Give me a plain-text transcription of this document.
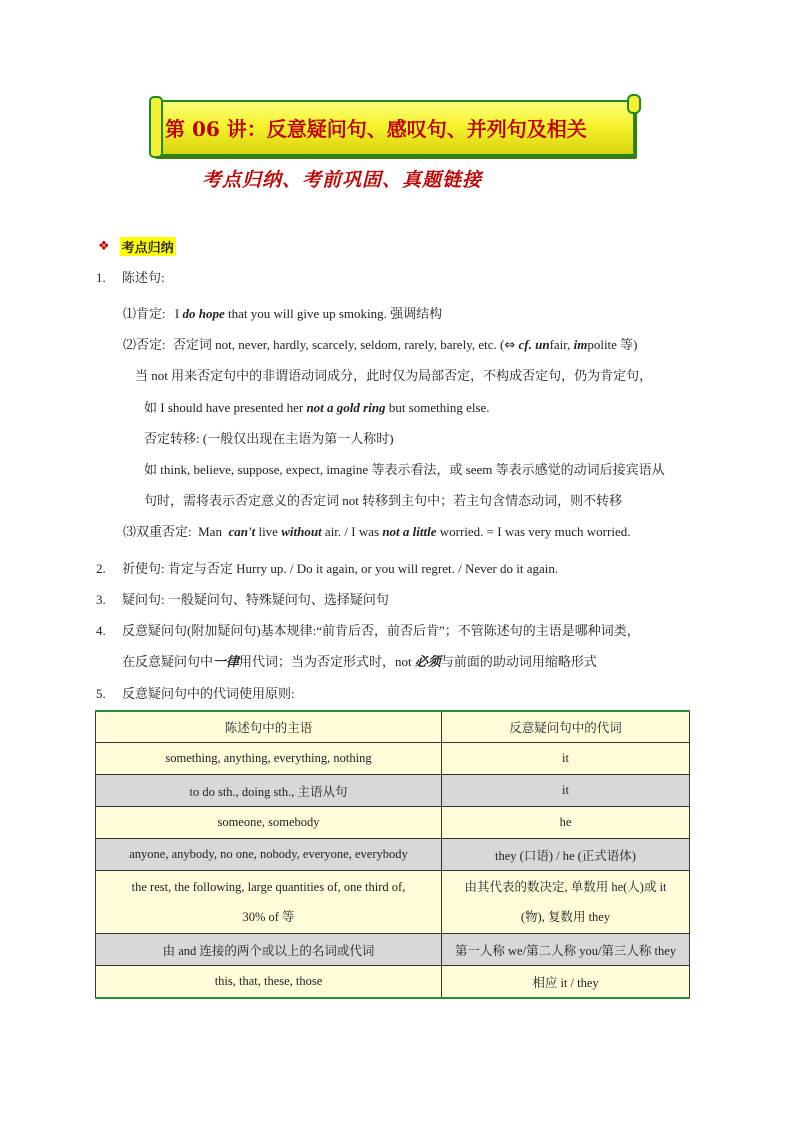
第 06 讲：反意疑问句、感叹句、并列句及相关
考点归纳、考前巩固、真题链接
❖ 考点归纳
1. 陈述句:
⑴肯定: I do hope that you will give up smoking. 强调结构
⑵否定: 否定词 not, never, hardly, scarcely, seldom, rarely, barely, etc. (⇔ cf. unfair, impolite 等)
当 not 用来否定句中的非谓语动词成分，此时仅为局部否定，不构成否定句，仍为肯定句，
如 I should have presented her not a gold ring but something else.
否定转移: (一般仅出现在主语为第一人称时)
如 think, believe, suppose, expect, imagine 等表示看法，或 seem 等表示感觉的动词后接宾语从
句时，需将表示否定意义的否定词 not 转移到主句中；若主句含情态动词，则不转移
⑶双重否定:  Man  can't live without air. / I was not a little worried. = I was very much worried.
2. 祈使句: 肯定与否定 Hurry up. / Do it again, or you will regret. / Never do it again.
3. 疑问句: 一般疑问句、特殊疑问句、选择疑问句
4. 反意疑问句(附加疑问句)基本规律:“前肯后否，前否后肯”；不管陈述句的主语是哪种词类，
在反意疑问句中一律用代词；当为否定形式时，not 必须与前面的助动词用缩略形式
5. 反意疑问句中的代词使用原则:
陈述句中的主语	反意疑问句中的代词
something, anything, everything, nothing	it
to do sth., doing sth., 主语从句	it
someone, somebody	he
anyone, anybody, no one, nobody, everyone, everybody	they (口语) / he (正式语体)
the rest, the following, large quantities of, one third of,
30% of 等	由其代表的数决定, 单数用 he(人)或 it
(物), 复数用 they
由 and 连接的两个或以上的名词或代词	第一人称 we/第二人称 you/第三人称 they
this, that, these, those	相应 it / they
